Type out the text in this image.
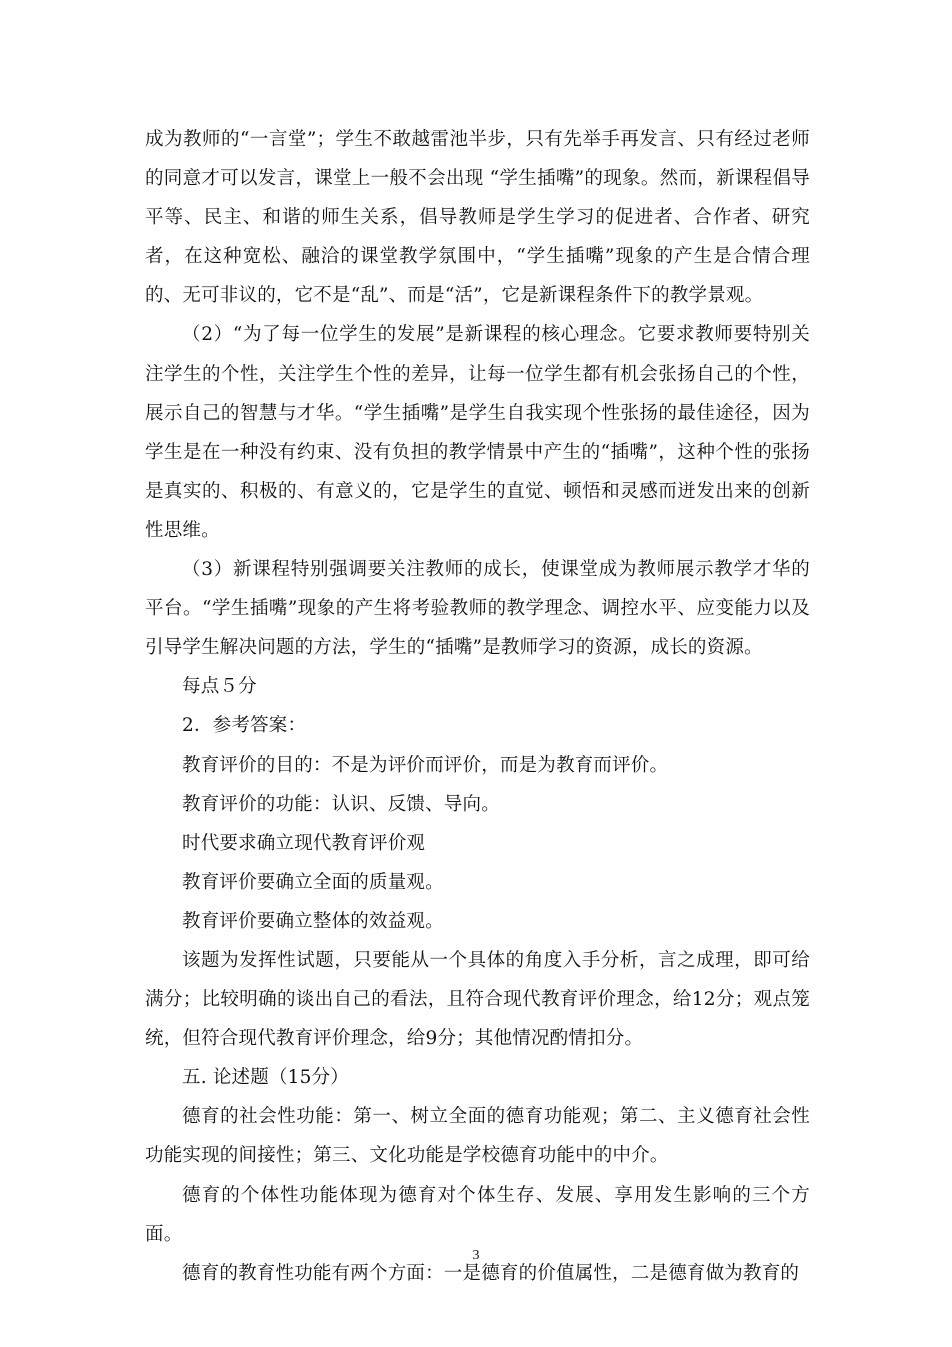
成为教师的“一言堂”；学生不敢越雷池半步，只有先举手再发言、只有经过老师的同意才可以发言，课堂上一般不会出现 “学生插嘴”的现象。然而，新课程倡导平等、民主、和谐的师生关系，倡导教师是学生学习的促进者、合作者、研究者，在这种宽松、融洽的课堂教学氛围中，“学生插嘴”现象的产生是合情合理的、无可非议的，它不是“乱”、而是“活”，它是新课程条件下的教学景观。

（2）“为了每一位学生的发展”是新课程的核心理念。它要求教师要特别关注学生的个性，关注学生个性的差异，让每一位学生都有机会张扬自己的个性，展示自己的智慧与才华。“学生插嘴”是学生自我实现个性张扬的最佳途径，因为学生是在一种没有约束、没有负担的教学情景中产生的“插嘴”，这种个性的张扬是真实的、积极的、有意义的，它是学生的直觉、顿悟和灵感而迸发出来的创新性思维。

（3）新课程特别强调要关注教师的成长，使课堂成为教师展示教学才华的平台。“学生插嘴”现象的产生将考验教师的教学理念、调控水平、应变能力以及引导学生解决问题的方法，学生的“插嘴”是教师学习的资源，成长的资源。

每点５分

2．参考答案：

教育评价的目的：不是为评价而评价，而是为教育而评价。

教育评价的功能：认识、反馈、导向。

时代要求确立现代教育评价观

教育评价要确立全面的质量观。

教育评价要确立整体的效益观。

该题为发挥性试题，只要能从一个具体的角度入手分析，言之成理，即可给满分；比较明确的谈出自己的看法，且符合现代教育评价理念，给12分；观点笼统，但符合现代教育评价理念，给9分；其他情况酌情扣分。

五. 论述题（15分）

德育的社会性功能：第一、树立全面的德育功能观；第二、主义德育社会性功能实现的间接性；第三、文化功能是学校德育功能中的中介。

德育的个体性功能体现为德育对个体生存、发展、享用发生影响的三个方面。

德育的教育性功能有两个方面：一是德育的价值属性，二是德育做为教育的

3
